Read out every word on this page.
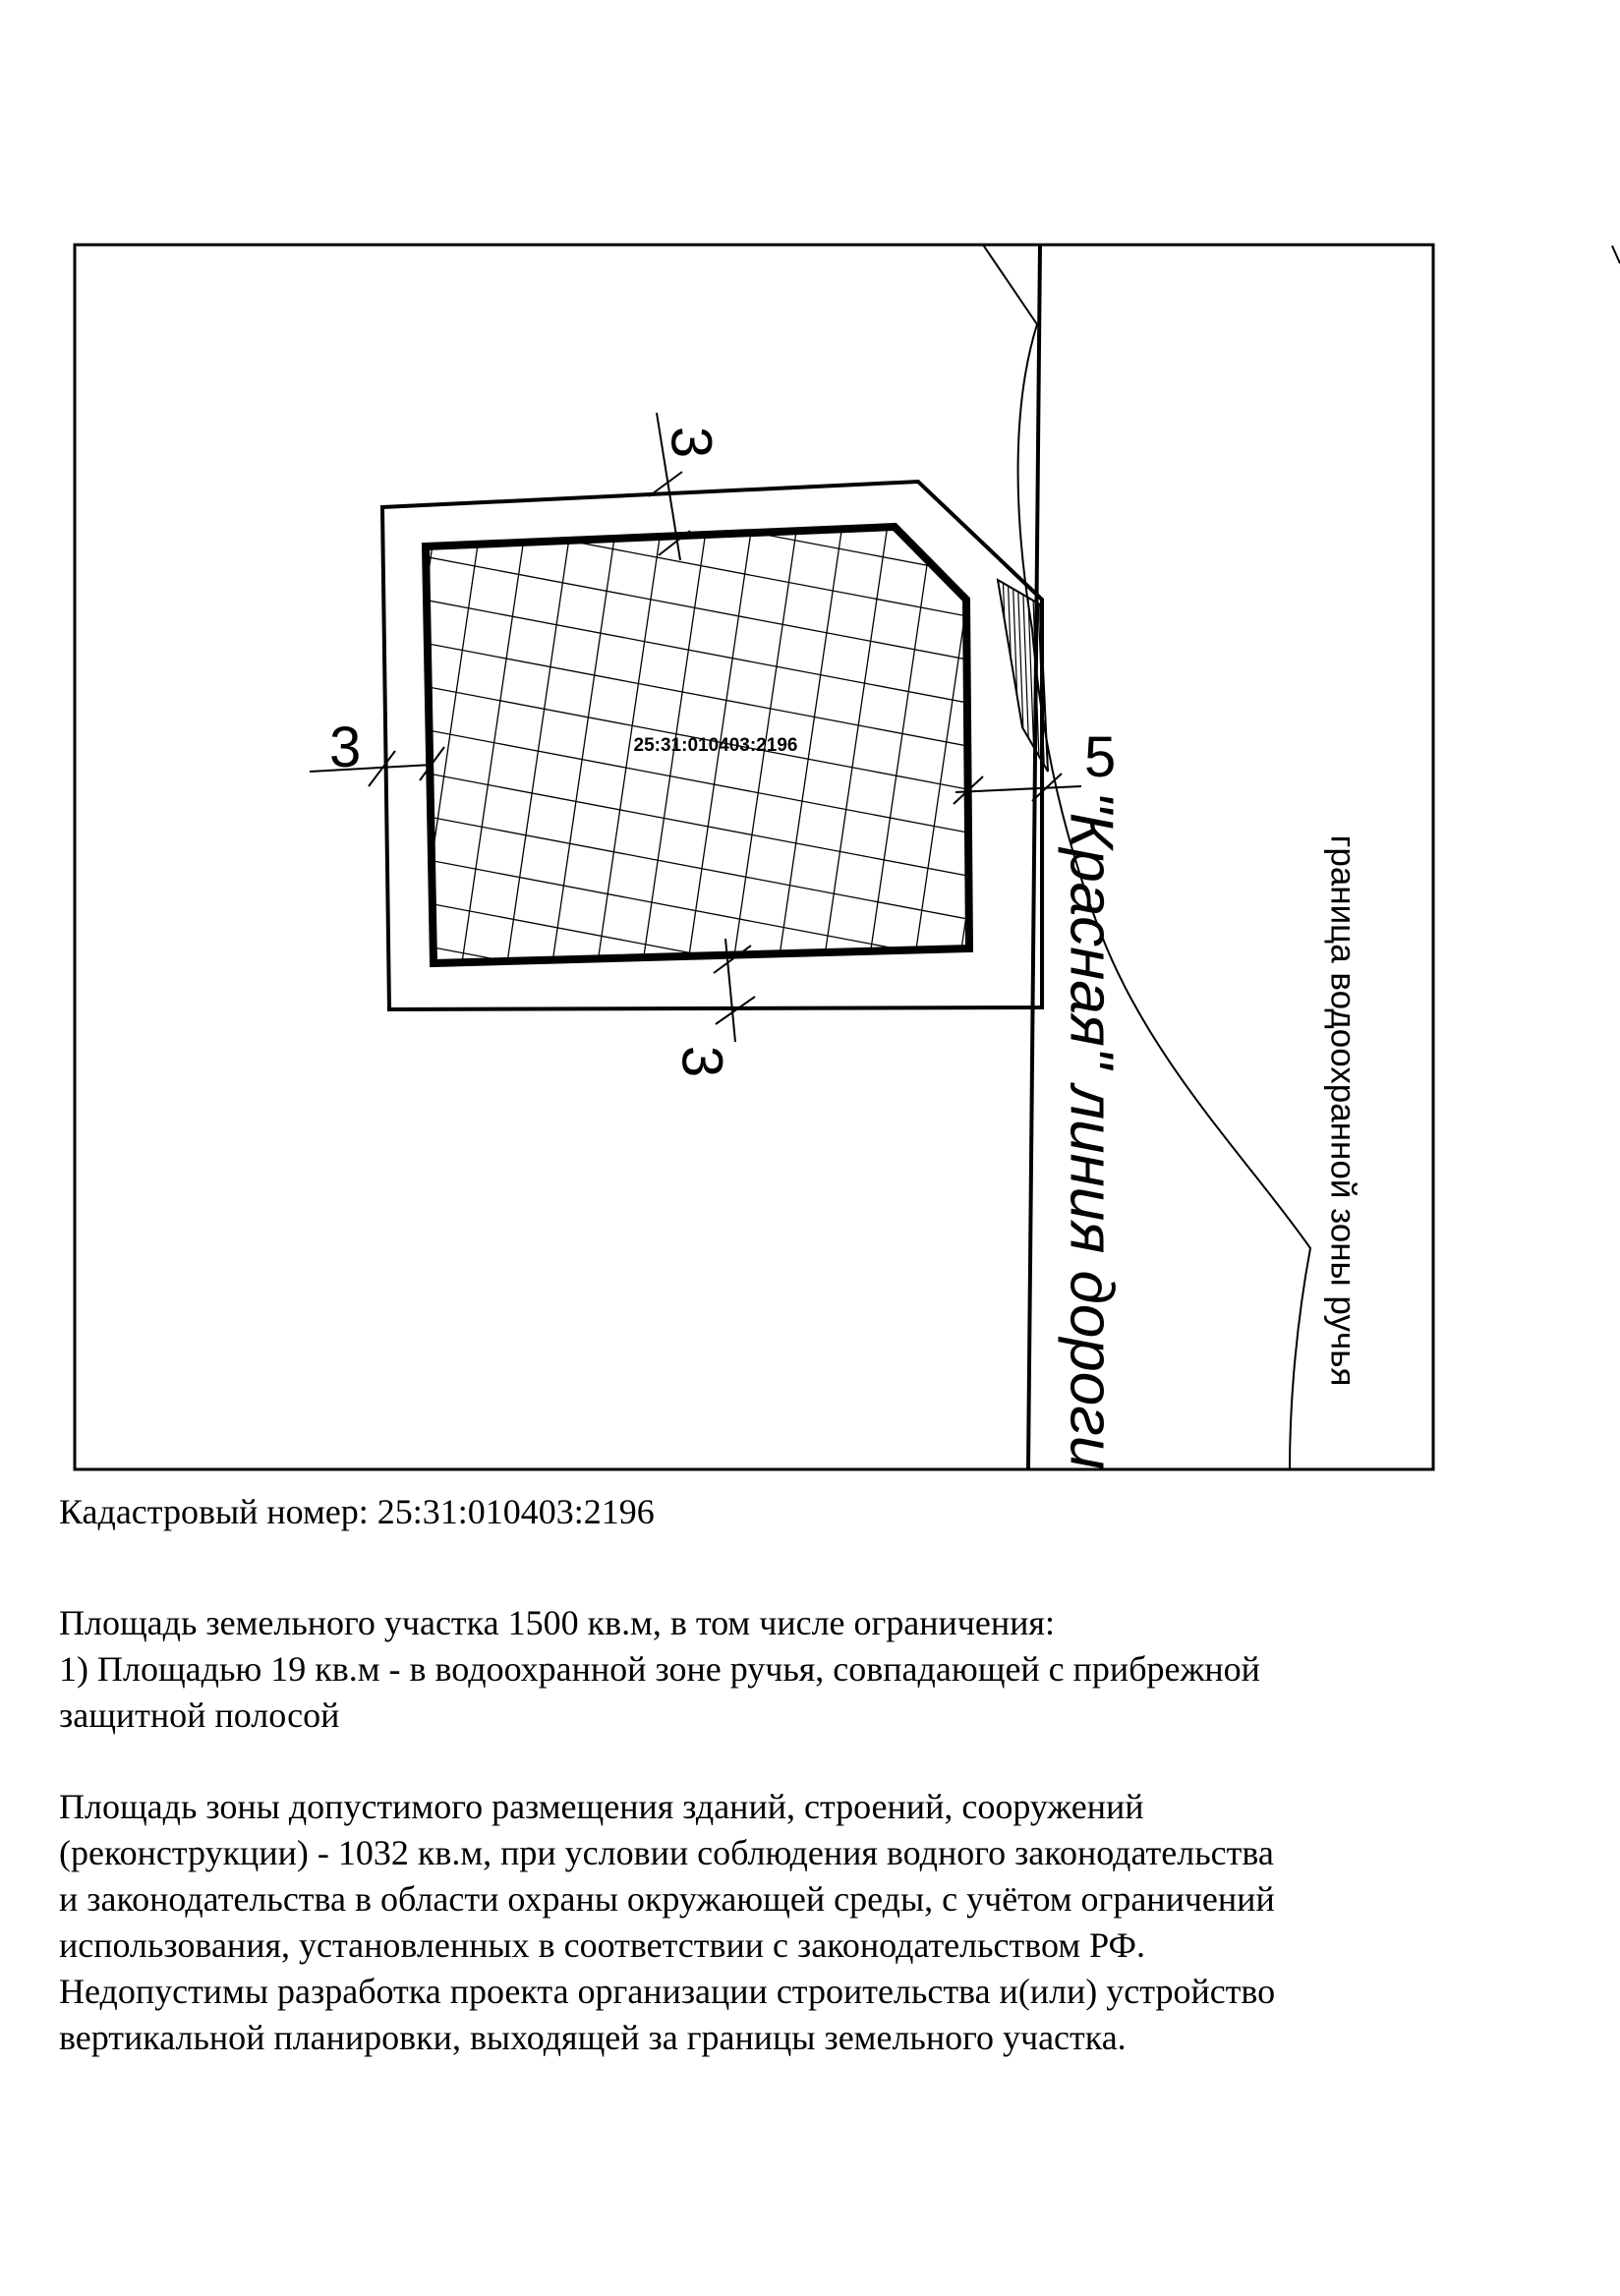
3
3
3
5
25:31:010403:2196
"Красная" линия дороги	граница водоохранной зоны ручья

Кадастровый номер: 25:31:010403:2196

Площадь земельного участка 1500 кв.м, в том числе ограничения:

1) Площадью 19 кв.м - в водоохранной зоне ручья, совпадающей с прибрежной

защитной полосой

Площадь зоны допустимого размещения зданий, строений, сооружений

(реконструкции) - 1032 кв.м, при условии соблюдения водного законодательства

и законодательства в области охраны окружающей среды, с учётом ограничений

использования, установленных в соответствии с законодательством РФ.

Недопустимы разработка проекта организации строительства и(или) устройство

вертикальной планировки, выходящей за границы земельного участка.
